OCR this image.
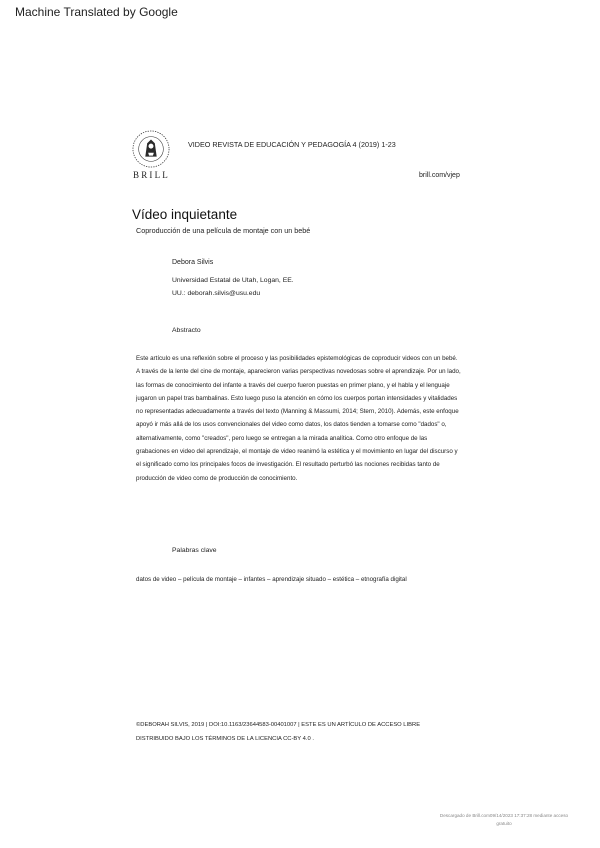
Machine Translated by Google
BRILL
VIDEO REVISTA DE EDUCACIÓN Y PEDAGOGÍA 4 (2019) 1-23
brill.com/vjep
Vídeo inquietante
Coproducción de una película de montaje con un bebé
Debora Silvis
Universidad Estatal de Utah, Logan, EE.
UU.: deborah.silvis@usu.edu
Abstracto
Este artículo es una reflexión sobre el proceso y las posibilidades epistemológicas de coproducir videos con un bebé. A través de la lente del cine de montaje, aparecieron varias perspectivas novedosas sobre el aprendizaje. Por un lado, las formas de conocimiento del infante a través del cuerpo fueron puestas en primer plano, y el habla y el lenguaje jugaron un papel tras bambalinas. Esto luego puso la atención en cómo los cuerpos portan intensidades y vitalidades no representadas adecuadamente a través del texto (Manning & Massumi, 2014; Stern, 2010). Además, este enfoque apoyó ir más allá de los usos convencionales del video como datos, los datos tienden a tomarse como "dados" o, alternativamente, como "creados", pero luego se entregan a la mirada analítica. Como otro enfoque de las grabaciones en video del aprendizaje, el montaje de video reanimó la estética y el movimiento en lugar del discurso y el significado como los principales focos de investigación. El resultado perturbó las nociones recibidas tanto de producción de video como de producción de conocimiento.
Palabras clave
datos de video – película de montaje – infantes – aprendizaje situado – estética – etnografía digital
©DEBORAH SILVIS, 2019 | DOI:10.1163/23644583-00401007 | ESTE ES UN ARTÍCULO DE ACCESO LIBRE
DISTRIBUIDO BAJO LOS TÉRMINOS DE LA LICENCIA CC-BY 4.0 .
Descargado de Brill.com09/14/2023 17:37:28 mediante acceso gratuito
